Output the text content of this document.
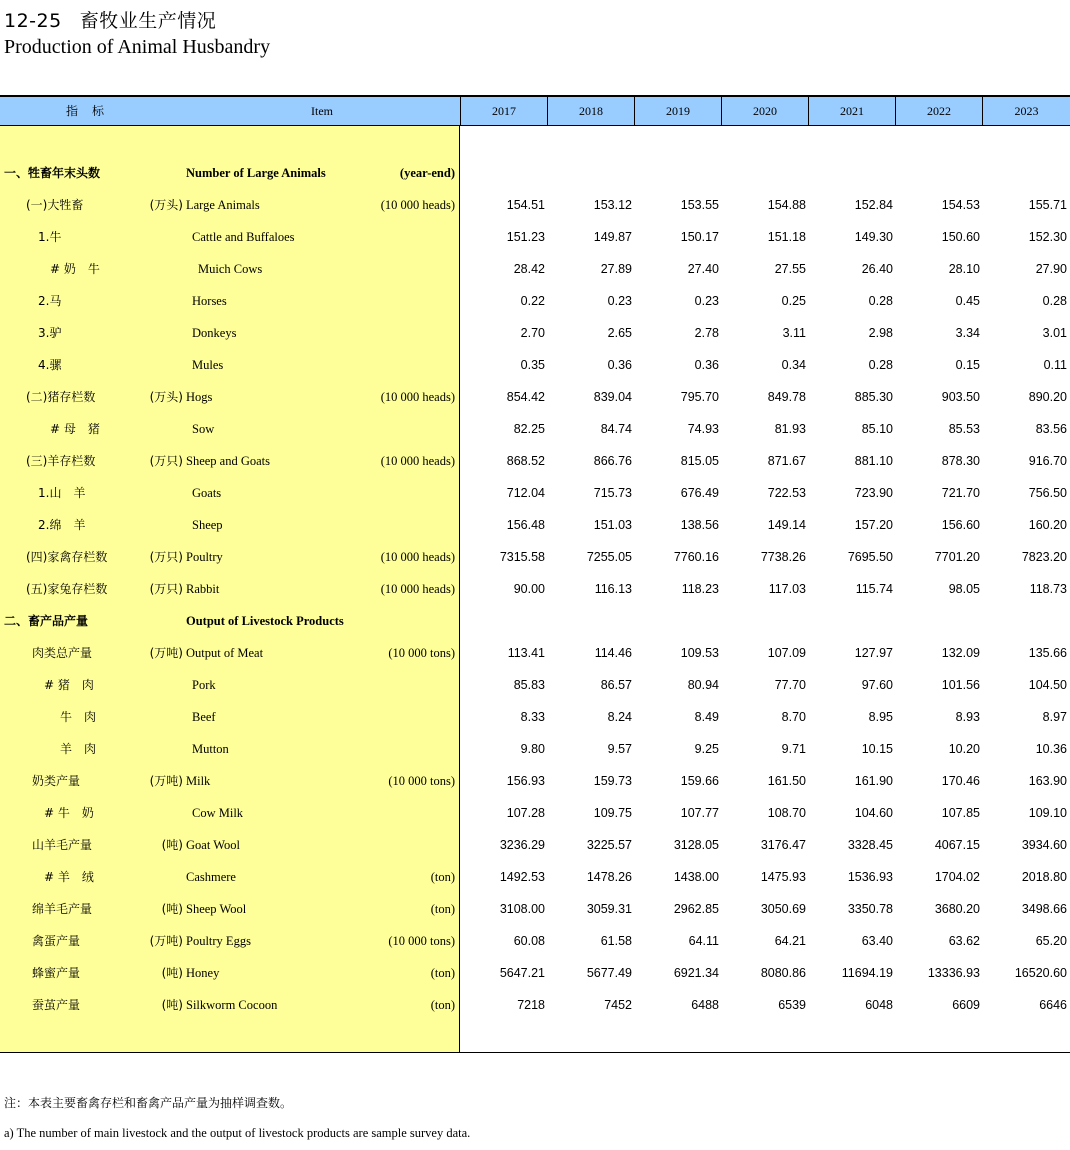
12-25 畜牧业生产情况
Production of Animal Husbandry
指标	Item	2017	2018	2019	2020	2021	2022	2023
一、牲畜年末头数	Number of Large Animals	(year-end)
(一)大牲畜	(万头) Large Animals	(10 000 heads)	154.51	153.12	153.55	154.88	152.84	154.53	155.71
1.牛	Cattle and Buffaloes	151.23	149.87	150.17	151.18	149.30	150.60	152.30
# 奶　牛	Muich Cows	28.42	27.89	27.40	27.55	26.40	28.10	27.90
2.马	Horses	0.22	0.23	0.23	0.25	0.28	0.45	0.28
3.驴	Donkeys	2.70	2.65	2.78	3.11	2.98	3.34	3.01
4.骡	Mules	0.35	0.36	0.36	0.34	0.28	0.15	0.11
(二)猪存栏数	(万头) Hogs	(10 000 heads)	854.42	839.04	795.70	849.78	885.30	903.50	890.20
# 母　猪	Sow	82.25	84.74	74.93	81.93	85.10	85.53	83.56
(三)羊存栏数	(万只) Sheep and Goats	(10 000 heads)	868.52	866.76	815.05	871.67	881.10	878.30	916.70
1.山　羊	Goats	712.04	715.73	676.49	722.53	723.90	721.70	756.50
2.绵　羊	Sheep	156.48	151.03	138.56	149.14	157.20	156.60	160.20
(四)家禽存栏数	(万只) Poultry	(10 000 heads)	7315.58	7255.05	7760.16	7738.26	7695.50	7701.20	7823.20
(五)家兔存栏数	(万只) Rabbit	(10 000 heads)	90.00	116.13	118.23	117.03	115.74	98.05	118.73
二、畜产品产量	Output of Livestock Products
肉类总产量	(万吨) Output of Meat	(10 000 tons)	113.41	114.46	109.53	107.09	127.97	132.09	135.66
# 猪　肉	Pork	85.83	86.57	80.94	77.70	97.60	101.56	104.50
牛　肉	Beef	8.33	8.24	8.49	8.70	8.95	8.93	8.97
羊　肉	Mutton	9.80	9.57	9.25	9.71	10.15	10.20	10.36
奶类产量	(万吨) Milk	(10 000 tons)	156.93	159.73	159.66	161.50	161.90	170.46	163.90
# 牛　奶	Cow Milk	107.28	109.75	107.77	108.70	104.60	107.85	109.10
山羊毛产量	(吨) Goat Wool	3236.29	3225.57	3128.05	3176.47	3328.45	4067.15	3934.60
# 羊　绒	Cashmere	(ton)	1492.53	1478.26	1438.00	1475.93	1536.93	1704.02	2018.80
绵羊毛产量	(吨) Sheep Wool	(ton)	3108.00	3059.31	2962.85	3050.69	3350.78	3680.20	3498.66
禽蛋产量	(万吨) Poultry Eggs	(10 000 tons)	60.08	61.58	64.11	64.21	63.40	63.62	65.20
蜂蜜产量	(吨) Honey	(ton)	5647.21	5677.49	6921.34	8080.86	11694.19	13336.93	16520.60
蚕茧产量	(吨) Silkworm Cocoon	(ton)	7218	7452	6488	6539	6048	6609	6646
注：本表主要畜禽存栏和畜禽产品产量为抽样调查数。
a) The number of main livestock and the output of livestock products are sample survey data.
